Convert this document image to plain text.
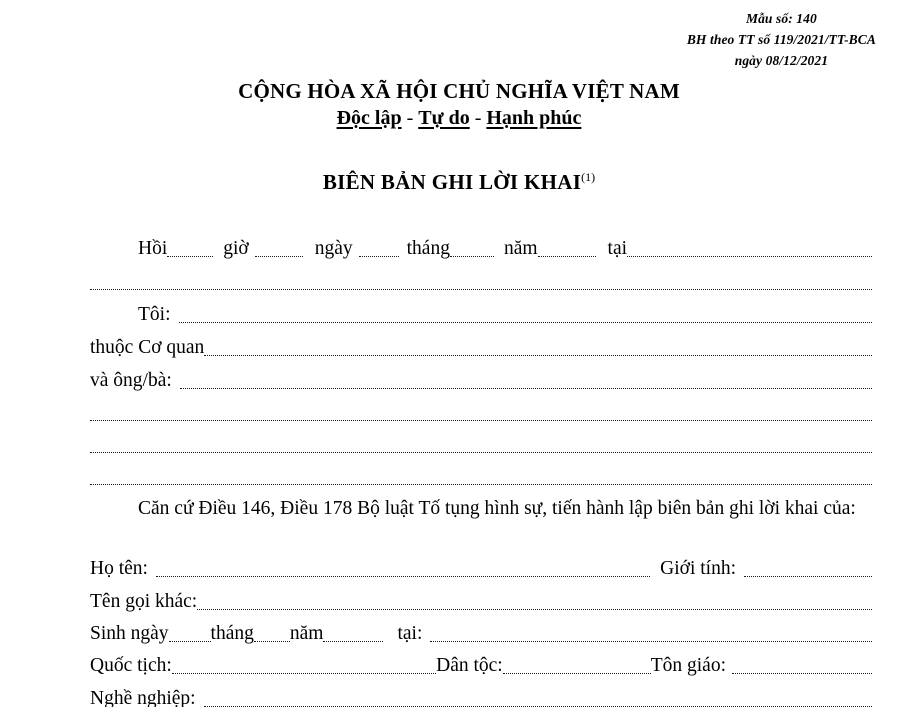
Mẫu số: 140
BH theo TT số 119/2021/TT-BCA
ngày 08/12/2021
CỘNG HÒA XÃ HỘI CHỦ NGHĨA VIỆT NAM
Độc lập - Tự do - Hạnh phúc
BIÊN BẢN GHI LỜI KHAI$^{(1)}$
Hồi	giờ	ngày	tháng	năm	tại
Tôi:
thuộc Cơ quan
và ông/bà:
Căn cứ Điều 146, Điều 178 Bộ luật Tố tụng hình sự, tiến hành lập biên bản ghi lời khai của:
Họ tên:	Giới tính:
Tên gọi khác:
Sinh ngày tháng năm	tại:
Quốc tịch:	Dân tộc:	Tôn giáo:
Nghề nghiệp:
